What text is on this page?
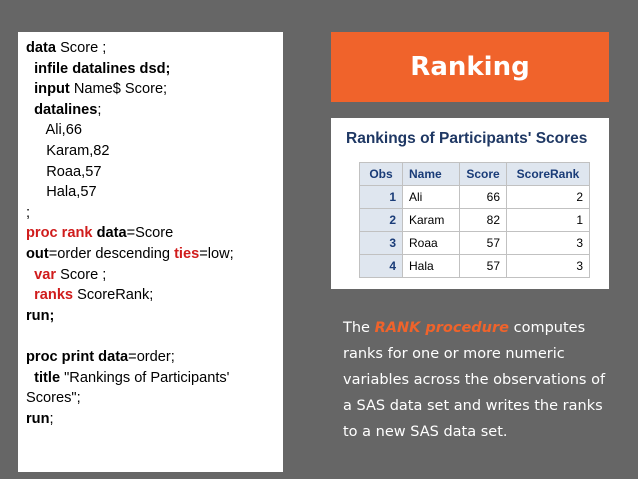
data Score ;
infile datalines dsd;
input Name$ Score;
datalines;
Ali,66
Karam,82
Roaa,57
Hala,57
;
proc rank data=Score
out=order descending ties=low;
var Score ;
ranks ScoreRank;
run;
proc print data=order;
title "Rankings of Participants'
Scores";
run;
Ranking
Rankings of Participants' Scores
Obs	Name	Score	ScoreRank
1	Ali	66	2
2	Karam	82	1
3	Roaa	57	3
4	Hala	57	3
The RANK procedure computes ranks for one or more numeric variables across the observations of a SAS data set and writes the ranks to a new SAS data set.
